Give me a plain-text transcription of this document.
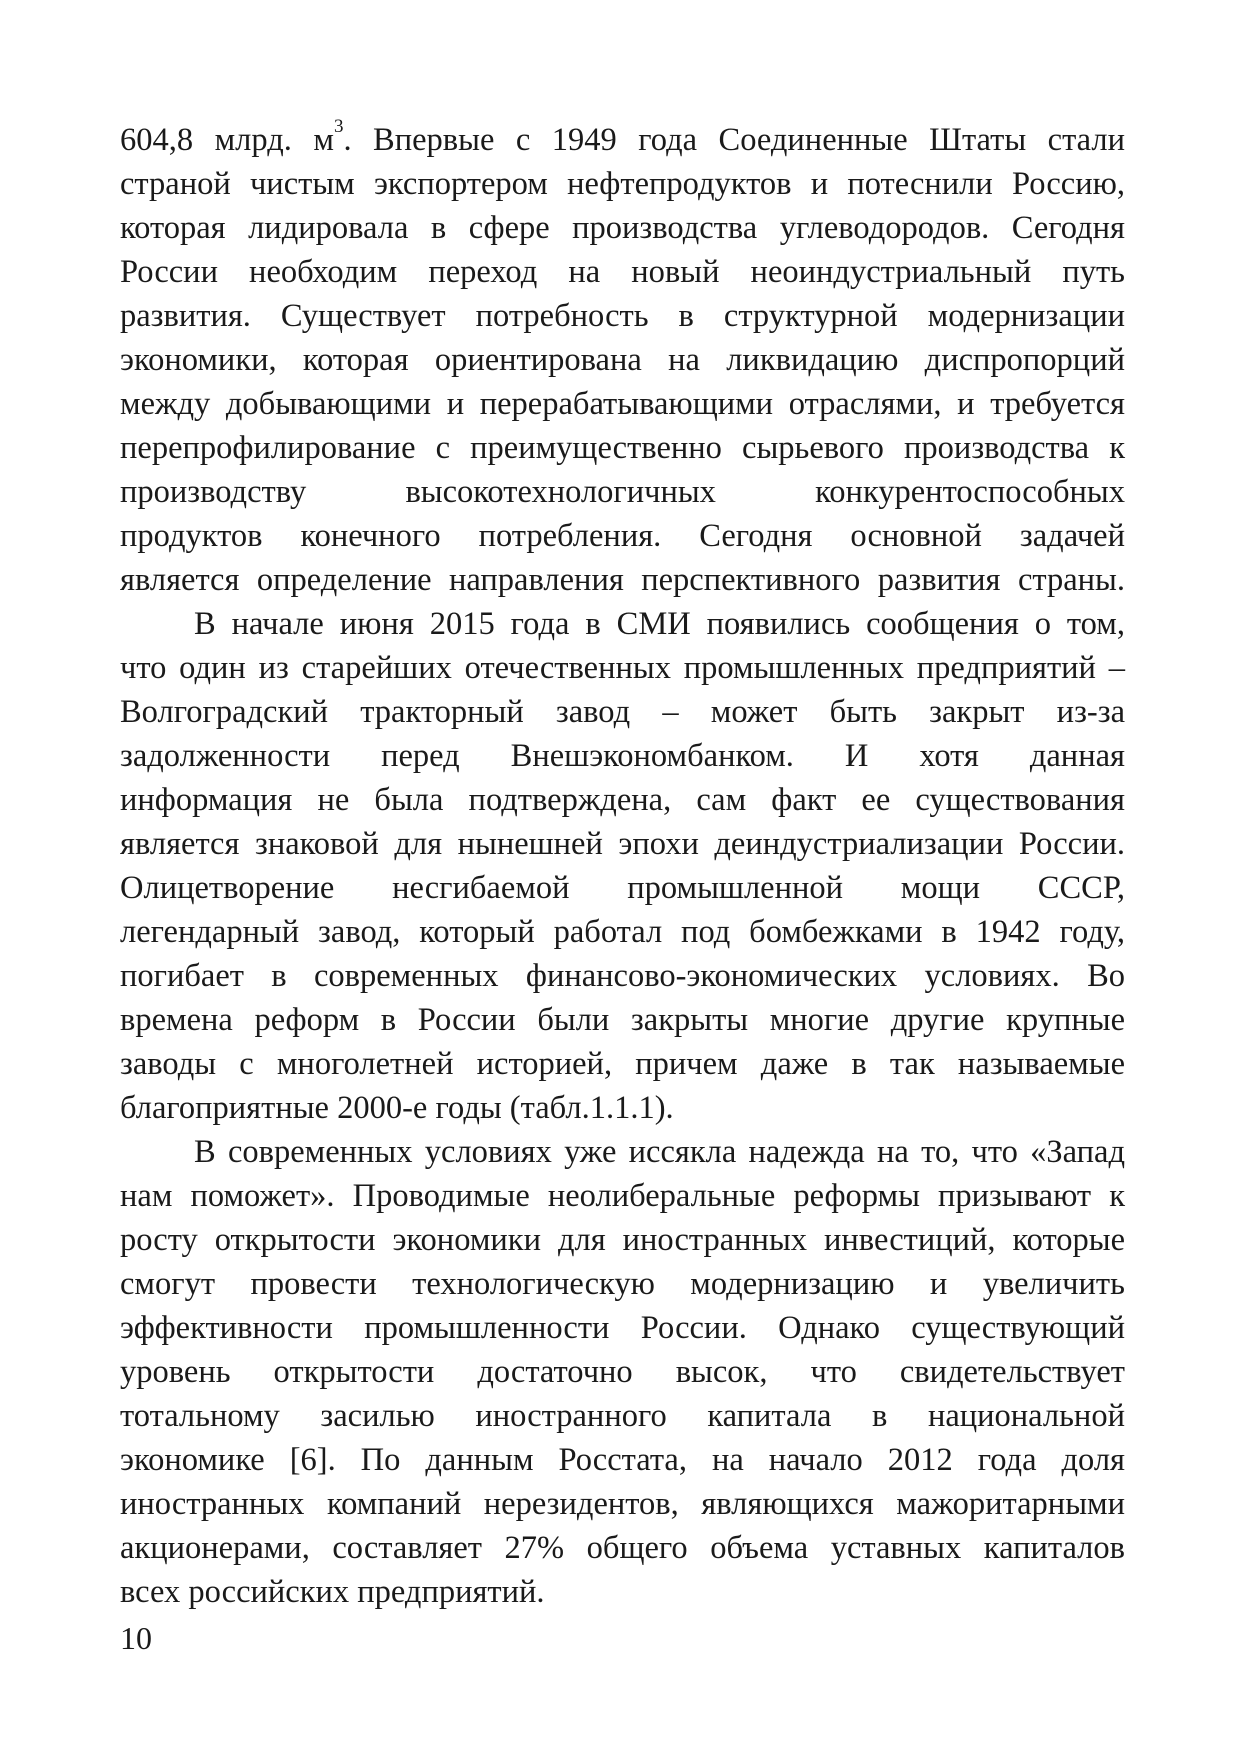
604,8 млрд. $м^3$. Впервые с 1949 года Соединенные Штаты стали
страной чистым экспортером нефтепродуктов и потеснили Россию,
которая лидировала в сфере производства углеводородов. Сегодня
России необходим переход на новый неоиндустриальный путь
развития. Существует потребность в структурной модернизации
экономики, которая ориентирована на ликвидацию диспропорций
между добывающими и перерабатывающими отраслями, и требуется
перепрофилирование с преимущественно сырьевого производства к
производству	высокотехнологичных	конкурентоспособных
продуктов конечного потребления. Сегодня основной задачей
является определение направления перспективного развития страны.
В начале июня 2015 года в СМИ появились сообщения о том,
что один из старейших отечественных промышленных предприятий –
Волгоградский тракторный завод – может быть закрыт из-за
задолженности перед Внешэкономбанком. И хотя данная
информация не была подтверждена, сам факт ее существования
является знаковой для нынешней эпохи деиндустриализации России.
Олицетворение несгибаемой промышленной мощи СССР,
легендарный завод, который работал под бомбежками в 1942 году,
погибает в современных финансово-экономических условиях. Во
времена реформ в России были закрыты многие другие крупные
заводы с многолетней историей, причем даже в так называемые
благоприятные 2000-е годы (табл.1.1.1).
В современных условиях уже иссякла надежда на то, что «Запад
нам поможет». Проводимые неолиберальные реформы призывают к
росту открытости экономики для иностранных инвестиций, которые
смогут провести технологическую модернизацию и увеличить
эффективности промышленности России. Однако существующий
уровень открытости достаточно высок, что свидетельствует
тотальному засилью иностранного капитала в национальной
экономике [6]. По данным Росстата, на начало 2012 года доля
иностранных компаний нерезидентов, являющихся мажоритарными
акционерами, составляет 27% общего объема уставных капиталов
всех российских предприятий.
10
